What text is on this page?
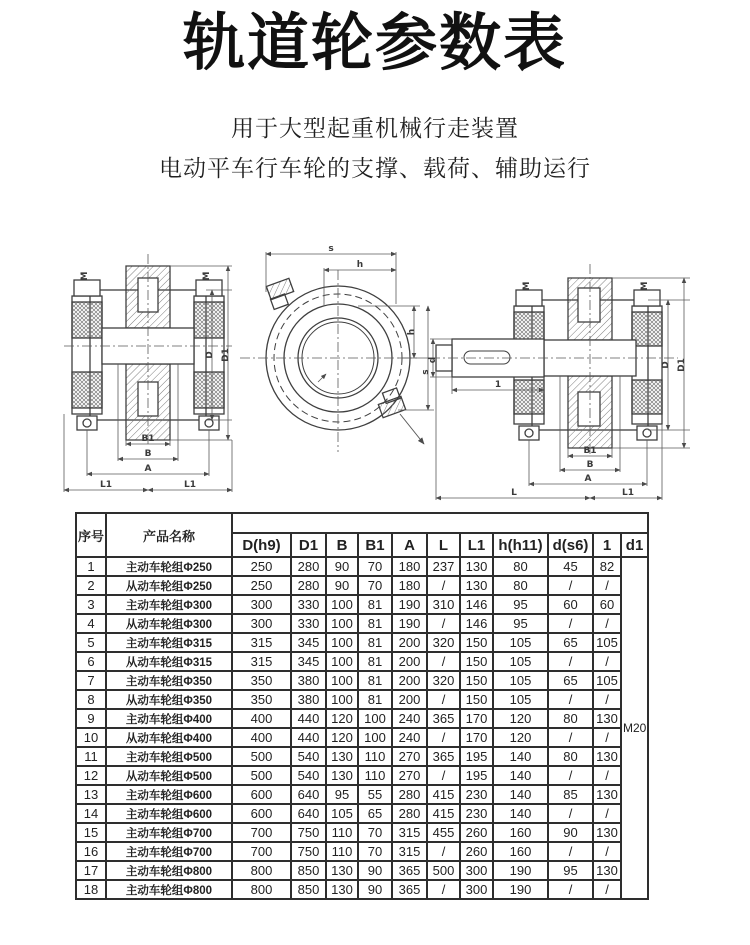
轨道轮参数表
用于大型起重机械行走装置
电动平车行车轮的支撑、载荷、辅助运行
M	M
D D1
B1
B
A
L1	L1
s
h
h
s
M	M
d
1
D D1
B1
B
A
L	L1
序号	产品名称											
		D(h9)	D1	B	B1	A	L	L1	h(h11)	d(s6)	1	d1
1	主动车轮组Φ250	250	280	90	70	180	237	130	80	45	82	M20
2	从动车轮组Φ250	250	280	90	70	180	/	130	80	/	/	
3	主动车轮组Φ300	300	330	100	81	190	310	146	95	60	60	
4	从动车轮组Φ300	300	330	100	81	190	/	146	95	/	/	
5	主动车轮组Φ315	315	345	100	81	200	320	150	105	65	105	
6	从动车轮组Φ315	315	345	100	81	200	/	150	105	/	/	
7	主动车轮组Φ350	350	380	100	81	200	320	150	105	65	105	
8	从动车轮组Φ350	350	380	100	81	200	/	150	105	/	/	
9	主动车轮组Φ400	400	440	120	100	240	365	170	120	80	130	
10	从动车轮组Φ400	400	440	120	100	240	/	170	120	/	/	
11	主动车轮组Φ500	500	540	130	110	270	365	195	140	80	130	
12	从动车轮组Φ500	500	540	130	110	270	/	195	140	/	/	
13	主动车轮组Φ600	600	640	95	55	280	415	230	140	85	130	
14	主动车轮组Φ600	600	640	105	65	280	415	230	140	/	/	
15	主动车轮组Φ700	700	750	110	70	315	455	260	160	90	130	
16	主动车轮组Φ700	700	750	110	70	315	/	260	160	/	/	
17	主动车轮组Φ800	800	850	130	90	365	500	300	190	95	130	
18	主动车轮组Φ800	800	850	130	90	365	/	300	190	/	/	
